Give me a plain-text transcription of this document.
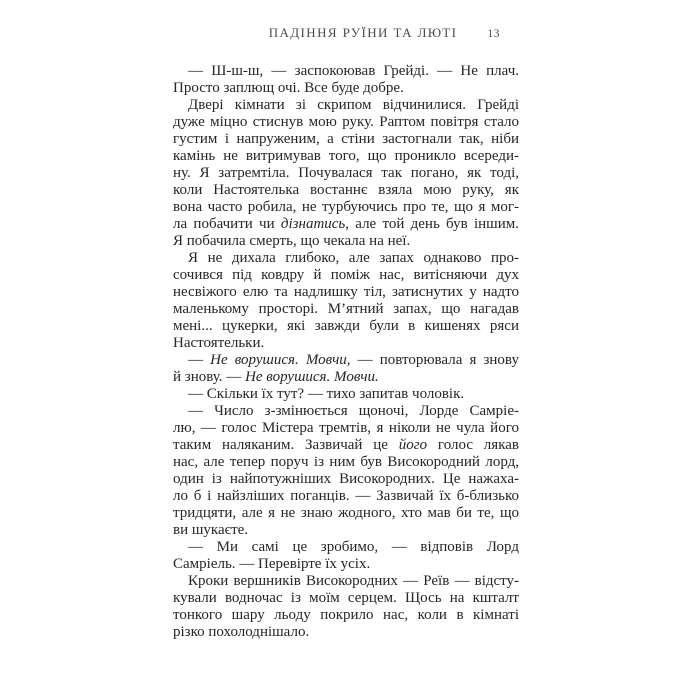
ПАДІННЯ РУЇНИ ТА ЛЮТІ	13
— Ш-ш-ш, — заспокоював Грейді. — Не плач.
Просто заплющ очі. Все буде добре.
Двері кімнати зі скрипом відчинилися. Грейді
дуже міцно стиснув мою руку. Раптом повітря стало
густим і напруженим, а стіни застогнали так, ніби
камінь не витримував того, що проникло всереди-
ну. Я затремтіла. Почувалася так погано, як тоді,
коли Настоятелька востаннє взяла мою руку, як
вона часто робила, не турбуючись про те, що я мог-
ла побачити чи дізнатись, але той день був іншим.
Я побачила смерть, що чекала на неї.
Я не дихала глибоко, але запах однаково про-
сочився під ковдру й поміж нас, витісняючи дух
несвіжого елю та надлишку тіл, затиснутих у надто
маленькому просторі. М’ятний запах, що нагадав
мені... цукерки, які завжди були в кишенях ряси
Настоятельки.
— Не ворушися. Мовчи, — повторювала я знову
й знову. — Не ворушися. Мовчи.
— Скільки їх тут? — тихо запитав чоловік.
— Число з-змінюється щоночі, Лорде Самріе-
лю, — голос Містера тремтів, я ніколи не чула його
таким наляканим. Зазвичай це його голос лякав
нас, але тепер поруч із ним був Високородний лорд,
один із найпотужніших Високородних. Це нажаха-
ло б і найзліших поганців. — Зазвичай їх б-близько
тридцяти, але я не знаю жодного, хто мав би те, що
ви шукаєте.
— Ми самі це зробимо, — відповів Лорд
Самріель. — Перевірте їх усіх.
Кроки вершників Високородних — Реїв — відсту-
кували водночас із моїм серцем. Щось на кшталт
тонкого шару льоду покрило нас, коли в кімнаті
різко похолоднішало.
